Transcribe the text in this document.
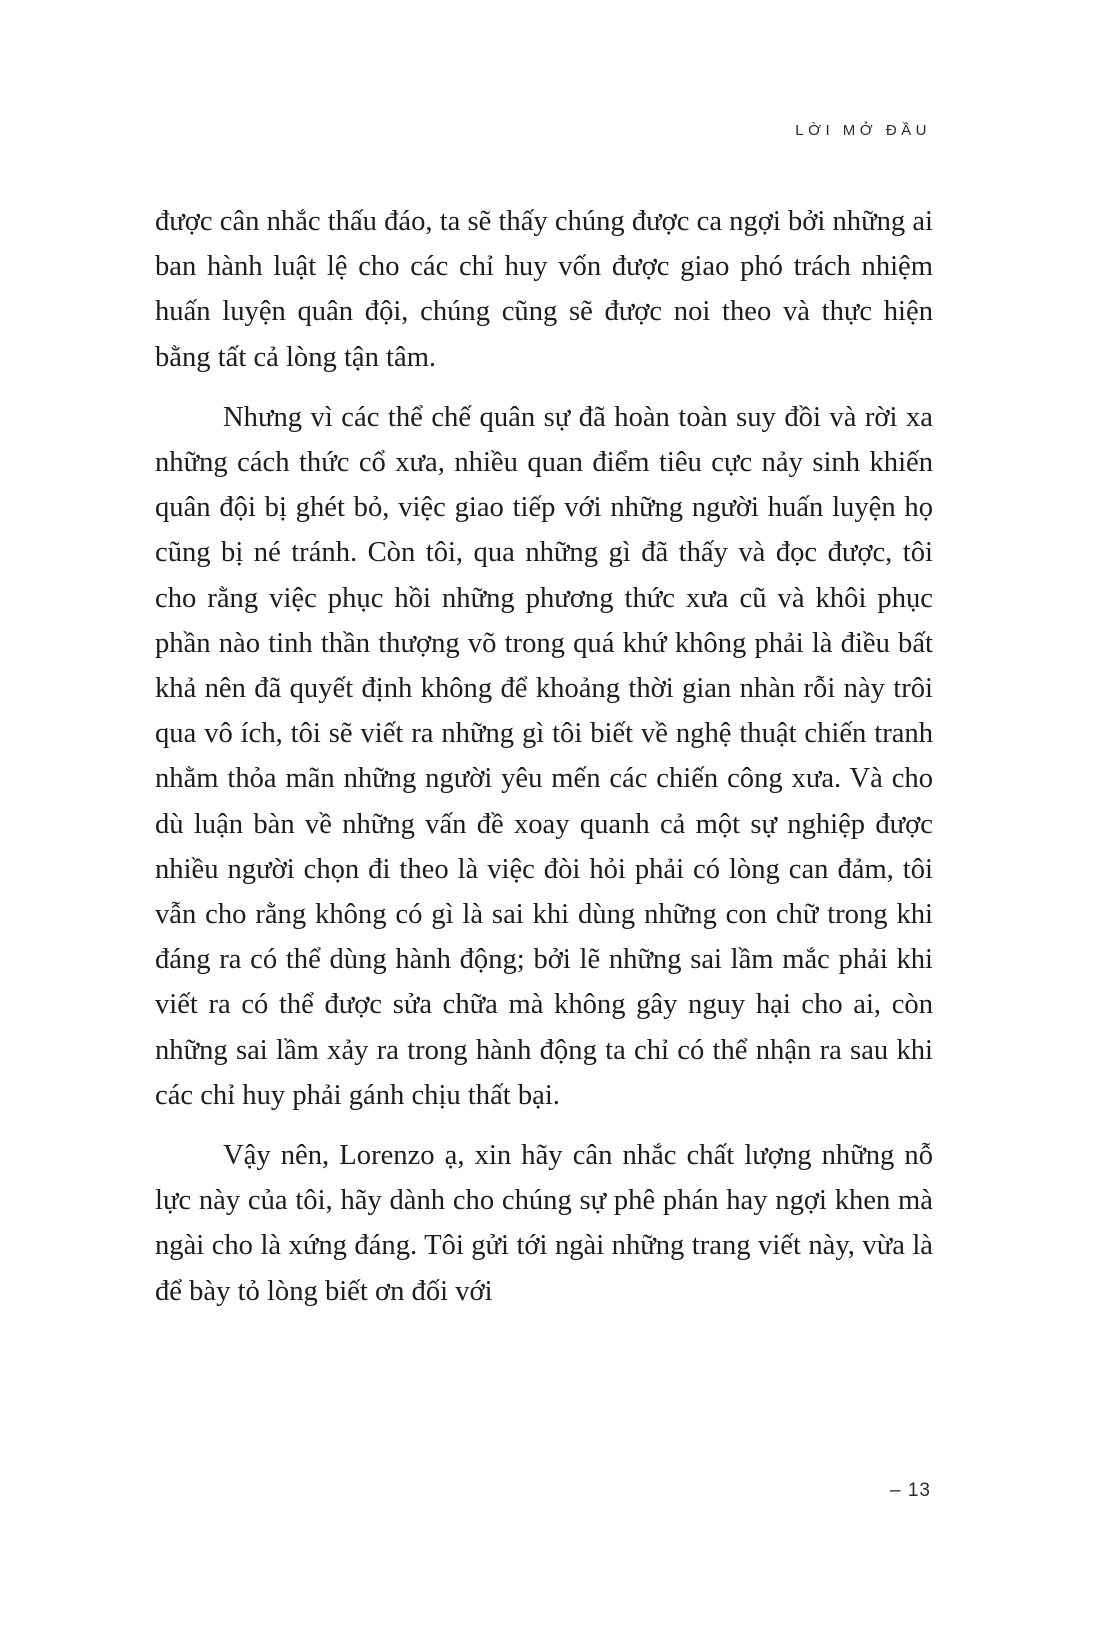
LỜI MỞ ĐẦU

được cân nhắc thấu đáo, ta sẽ thấy chúng được ca ngợi bởi những ai ban hành luật lệ cho các chỉ huy vốn được giao phó trách nhiệm huấn luyện quân đội, chúng cũng sẽ được noi theo và thực hiện bằng tất cả lòng tận tâm.

Nhưng vì các thể chế quân sự đã hoàn toàn suy đồi và rời xa những cách thức cổ xưa, nhiều quan điểm tiêu cực nảy sinh khiến quân đội bị ghét bỏ, việc giao tiếp với những người huấn luyện họ cũng bị né tránh. Còn tôi, qua những gì đã thấy và đọc được, tôi cho rằng việc phục hồi những phương thức xưa cũ và khôi phục phần nào tinh thần thượng võ trong quá khứ không phải là điều bất khả nên đã quyết định không để khoảng thời gian nhàn rỗi này trôi qua vô ích, tôi sẽ viết ra những gì tôi biết về nghệ thuật chiến tranh nhằm thỏa mãn những người yêu mến các chiến công xưa. Và cho dù luận bàn về những vấn đề xoay quanh cả một sự nghiệp được nhiều người chọn đi theo là việc đòi hỏi phải có lòng can đảm, tôi vẫn cho rằng không có gì là sai khi dùng những con chữ trong khi đáng ra có thể dùng hành động; bởi lẽ những sai lầm mắc phải khi viết ra có thể được sửa chữa mà không gây nguy hại cho ai, còn những sai lầm xảy ra trong hành động ta chỉ có thể nhận ra sau khi các chỉ huy phải gánh chịu thất bại.

Vậy nên, Lorenzo ạ, xin hãy cân nhắc chất lượng những nỗ lực này của tôi, hãy dành cho chúng sự phê phán hay ngợi khen mà ngài cho là xứng đáng. Tôi gửi tới ngài những trang viết này, vừa là để bày tỏ lòng biết ơn đối với

– 13
